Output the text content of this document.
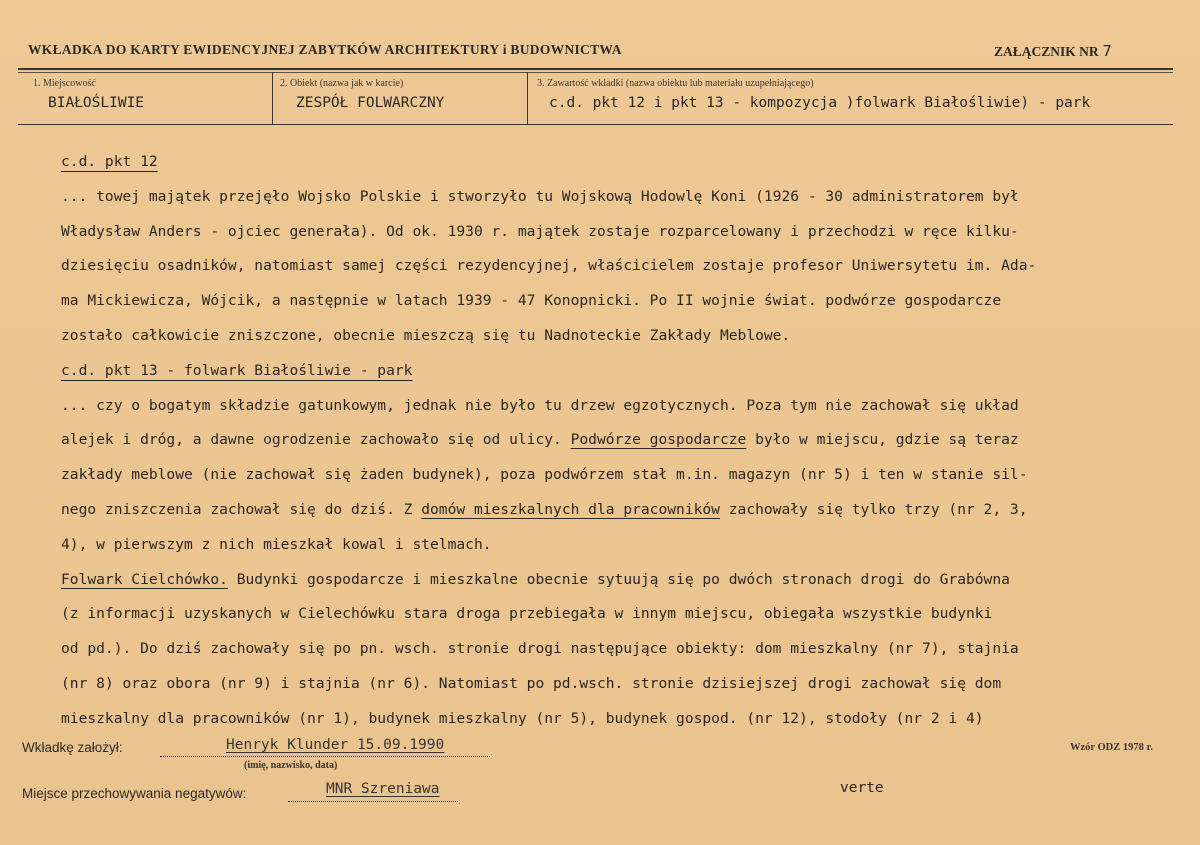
WKŁADKA DO KARTY EWIDENCYJNEJ ZABYTKÓW ARCHITEKTURY i BUDOWNICTWA	ZAŁĄCZNIK NR 7
1. Miejscowość
BIAŁOŚLIWIE
2. Obiekt (nazwa jak w karcie)
ZESPÓŁ FOLWARCZNY
3. Zawartość wkładki (nazwa obiektu lub materiału uzupełniającego)
c.d. pkt 12 i pkt 13 - kompozycja )folwark Białośliwie) - park

c.d. pkt 12

... towej majątek przejęło Wojsko Polskie i stworzyło tu Wojskową Hodowlę Koni (1926 - 30 administratorem był

Władysław Anders - ojciec generała). Od ok. 1930 r. majątek zostaje rozparcelowany i przechodzi w ręce kilku-

dziesięciu osadników, natomiast samej części rezydencyjnej, właścicielem zostaje profesor Uniwersytetu im. Ada-

ma Mickiewicza, Wójcik, a następnie w latach 1939 - 47 Konopnicki. Po II wojnie świat. podwórze gospodarcze

zostało całkowicie zniszczone, obecnie mieszczą się tu Nadnoteckie Zakłady Meblowe.

c.d. pkt 13 - folwark Białośliwie - park

... czy o bogatym składzie gatunkowym, jednak nie było tu drzew egzotycznych. Poza tym nie zachował się układ

alejek i dróg, a dawne ogrodzenie zachowało się od ulicy. Podwórze gospodarcze było w miejscu, gdzie są teraz

zakłady meblowe (nie zachował się żaden budynek), poza podwórzem stał m.in. magazyn (nr 5) i ten w stanie sil-

nego zniszczenia zachował się do dziś. Z domów mieszkalnych dla pracowników zachowały się tylko trzy (nr 2, 3,

4), w pierwszym z nich mieszkał kowal i stelmach.

Folwark Cielchówko. Budynki gospodarcze i mieszkalne obecnie sytuują się po dwóch stronach drogi do Grabówna

(z informacji uzyskanych w Cielechówku stara droga przebiegała w innym miejscu, obiegała wszystkie budynki

od pd.). Do dziś zachowały się po pn. wsch. stronie drogi następujące obiekty: dom mieszkalny (nr 7), stajnia

(nr 8) oraz obora (nr 9) i stajnia (nr 6). Natomiast po pd.wsch. stronie dzisiejszej drogi zachował się dom

mieszkalny dla pracowników (nr 1), budynek mieszkalny (nr 5), budynek gospod. (nr 12), stodoły (nr 2 i 4)

Wkładkę założył:	Henryk Klunder 15.09.1990
(imię, nazwisko, data)
Wzór ODZ 1978 r.
Miejsce przechowywania negatywów:	MNR Szreniawa	verte
